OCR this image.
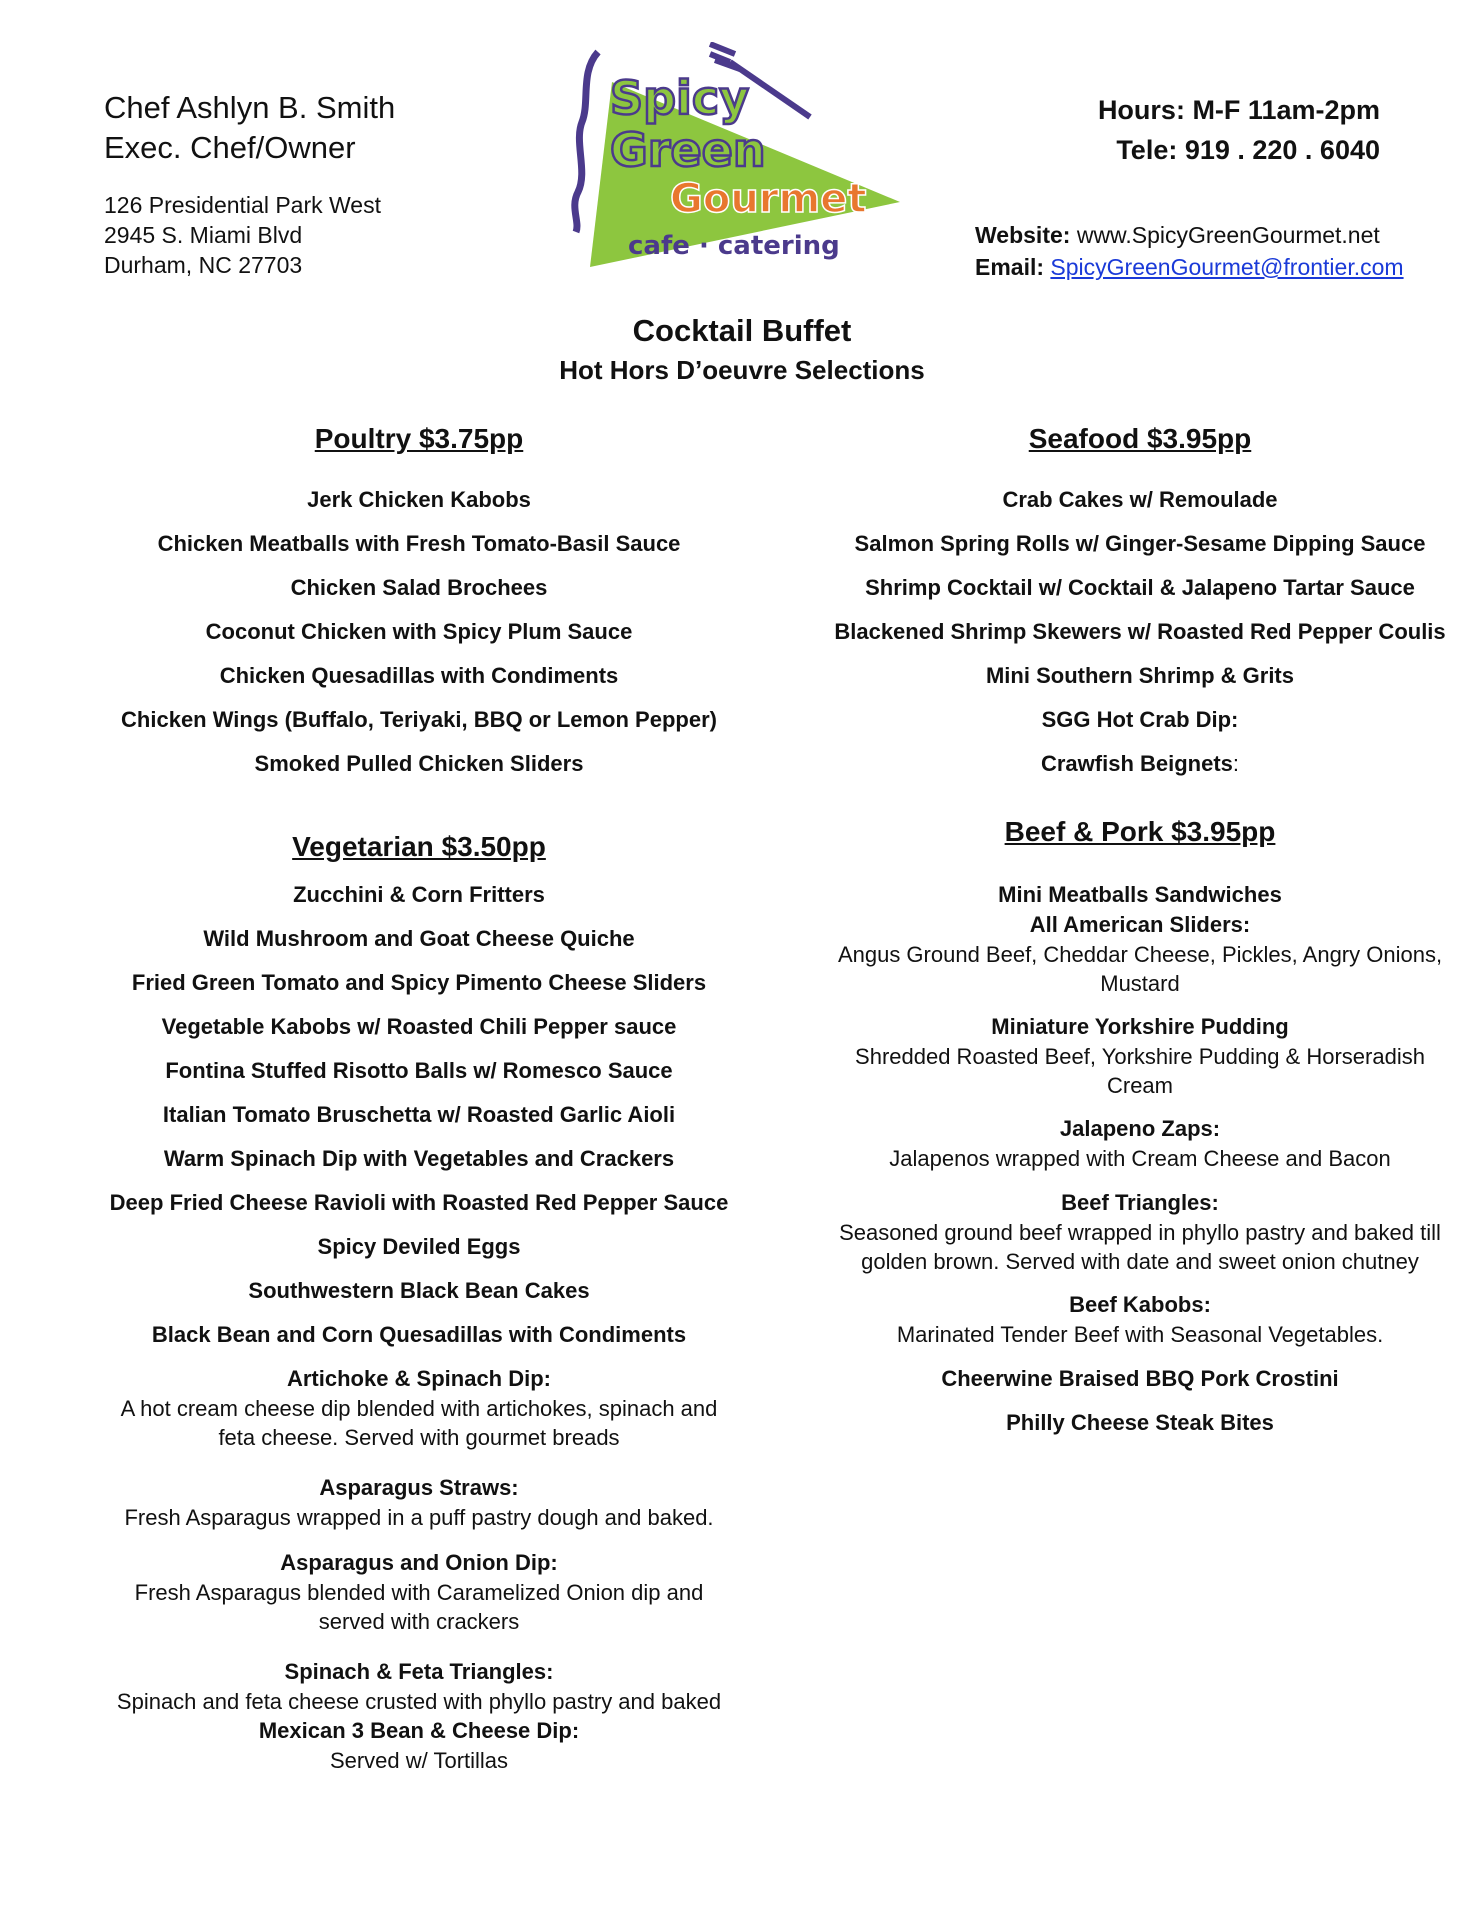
Chef Ashlyn B. Smith
Exec. Chef/Owner
126 Presidential Park West
2945 S. Miami Blvd
Durham, NC 27703
Spicy
Green
Gourmet
cafe · catering
Hours: M-F 11am-2pm
Tele: 919 . 220 . 6040
Website: www.SpicyGreenGourmet.net
Email: SpicyGreenGourmet@frontier.com
Cocktail Buffet
Hot Hors D’oeuvre Selections
Poultry $3.75pp
Jerk Chicken Kabobs
Chicken Meatballs with Fresh Tomato-Basil Sauce
Chicken Salad Brochees
Coconut Chicken with Spicy Plum Sauce
Chicken Quesadillas with Condiments
Chicken Wings (Buffalo, Teriyaki, BBQ or Lemon Pepper)
Smoked Pulled Chicken Sliders
Vegetarian $3.50pp
Zucchini & Corn Fritters
Wild Mushroom and Goat Cheese Quiche
Fried Green Tomato and Spicy Pimento Cheese Sliders
Vegetable Kabobs w/ Roasted Chili Pepper sauce
Fontina Stuffed Risotto Balls w/ Romesco Sauce
Italian Tomato Bruschetta w/ Roasted Garlic Aioli
Warm Spinach Dip with Vegetables and Crackers
Deep Fried Cheese Ravioli with Roasted Red Pepper Sauce
Spicy Deviled Eggs
Southwestern Black Bean Cakes
Black Bean and Corn Quesadillas with Condiments
Artichoke & Spinach Dip:
A hot cream cheese dip blended with artichokes, spinach and
feta cheese. Served with gourmet breads
Asparagus Straws:
Fresh Asparagus wrapped in a puff pastry dough and baked.
Asparagus and Onion Dip:
Fresh Asparagus blended with Caramelized Onion dip and
served with crackers
Spinach & Feta Triangles:
Spinach and feta cheese crusted with phyllo pastry and baked
Mexican 3 Bean & Cheese Dip:
Served w/ Tortillas
Seafood $3.95pp
Crab Cakes w/ Remoulade
Salmon Spring Rolls w/ Ginger-Sesame Dipping Sauce
Shrimp Cocktail w/ Cocktail & Jalapeno Tartar Sauce
Blackened Shrimp Skewers w/ Roasted Red Pepper Coulis
Mini Southern Shrimp & Grits
SGG Hot Crab Dip:
Crawfish Beignets:
Beef & Pork $3.95pp
Mini Meatballs Sandwiches
All American Sliders:
Angus Ground Beef, Cheddar Cheese, Pickles, Angry Onions,
Mustard
Miniature Yorkshire Pudding
Shredded Roasted Beef, Yorkshire Pudding & Horseradish
Cream
Jalapeno Zaps:
Jalapenos wrapped with Cream Cheese and Bacon
Beef Triangles:
Seasoned ground beef wrapped in phyllo pastry and baked till
golden brown. Served with date and sweet onion chutney
Beef Kabobs:
Marinated Tender Beef with Seasonal Vegetables.
Cheerwine Braised BBQ Pork Crostini
Philly Cheese Steak Bites
